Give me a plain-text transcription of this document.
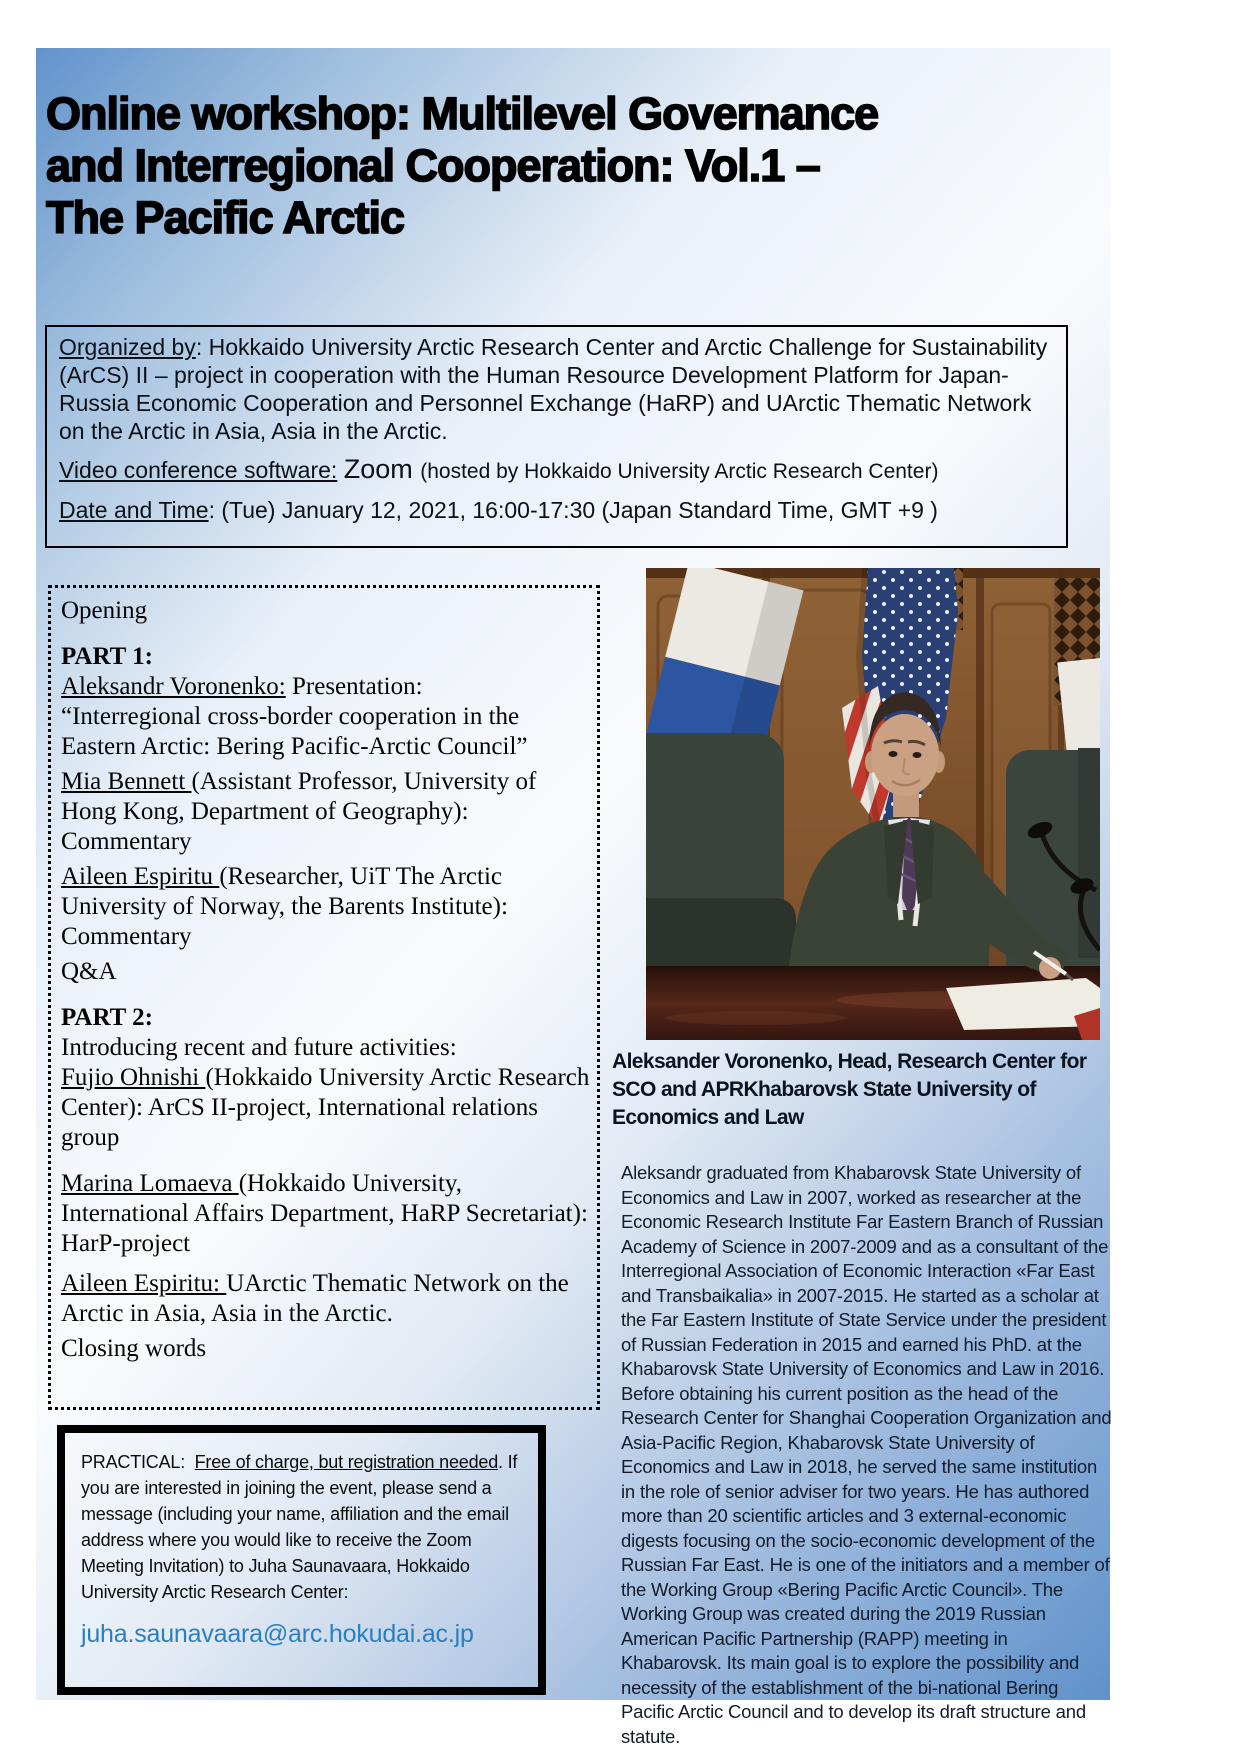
Online workshop: Multilevel Governance
and Interregional Cooperation: Vol.1 –
The Pacific Arctic

Organized by: Hokkaido University Arctic Research Center and Arctic Challenge for Sustainability (ArCS) II – project in cooperation with the Human Resource Development Platform for Japan-Russia Economic Cooperation and Personnel Exchange (HaRP) and UArctic Thematic Network on the Arctic in Asia, Asia in the Arctic.

Video conference software: Zoom (hosted by Hokkaido University Arctic Research Center)

Date and Time: (Tue) January 12, 2021, 16:00-17:30 (Japan Standard Time, GMT +9 )

Opening

PART 1:

Aleksandr Voronenko: Presentation:

“Interregional cross-border cooperation in the Eastern Arctic: Bering Pacific-Arctic Council”

Mia Bennett (Assistant Professor, University of Hong Kong, Department of Geography): Commentary

Aileen Espiritu (Researcher, UiT The Arctic University of Norway, the Barents Institute): Commentary

Q&A

PART 2:

Introducing recent and future activities:

Fujio Ohnishi (Hokkaido University Arctic Research Center): ArCS II-project, International relations group

Marina Lomaeva (Hokkaido University, International Affairs Department, HaRP Secretariat): HarP-project

Aileen Espiritu: UArctic Thematic Network on the Arctic in Asia, Asia in the Arctic.

Closing words

Aleksander Voronenko, Head, Research Center for
SCO and APRKhabarovsk State University of
Economics and Law
Aleksandr graduated from Khabarovsk State University of Economics and Law in 2007, worked as researcher at the Economic Research Institute Far Eastern Branch of Russian Academy of Science in 2007-2009 and as a consultant of the Interregional Association of Economic Interaction «Far East and Transbaikalia» in 2007-2015. He started as a scholar at the Far Eastern Institute of State Service under the president of Russian Federation in 2015 and earned his PhD. at the Khabarovsk State University of Economics and Law in 2016. Before obtaining his current position as the head of the Research Center for Shanghai Cooperation Organization and Asia-Pacific Region, Khabarovsk State University of Economics and Law in 2018, he served the same institution in the role of senior adviser for two years. He has authored more than 20 scientific articles and 3 external-economic digests focusing on the socio-economic development of the Russian Far East. He is one of the initiators and a member of the Working Group «Bering Pacific Arctic Council». The Working Group was created during the 2019 Russian American Pacific Partnership (RAPP) meeting in Khabarovsk. Its main goal is to explore the possibility and necessity of the establishment of the bi-national Bering Pacific Arctic Council and to develop its draft structure and statute.

PRACTICAL:  Free of charge, but registration needed. If you are interested in joining the event, please send a message (including your name, affiliation and the email address where you would like to receive the Zoom Meeting Invitation) to Juha Saunavaara, Hokkaido University Arctic Research Center:

juha.saunavaara@arc.hokudai.ac.jp
